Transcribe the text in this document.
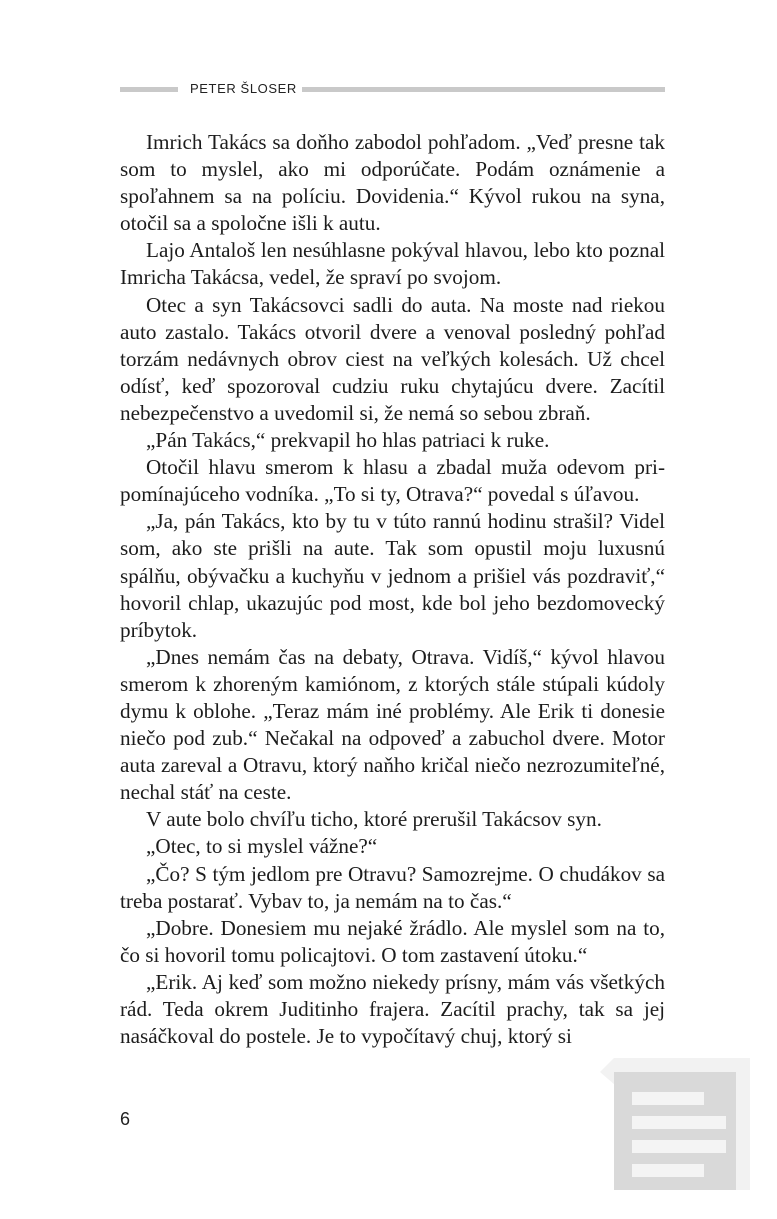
PETER ŠLOSER

Imrich Takács sa doňho zabodol pohľadom. „Veď presne tak som to myslel, ako mi odporúčate. Podám oznámenie a spoľahnem sa na políciu. Dovidenia.“ Kývol rukou na syna, otočil sa a spoločne išli k autu.

Lajo Antaloš len nesúhlasne pokýval hlavou, lebo kto poznal Imricha Takácsa, vedel, že spraví po svojom.

Otec a syn Takácsovci sadli do auta. Na moste nad riekou auto zastalo. Takács otvoril dvere a venoval posledný pohľad torzám nedávnych obrov ciest na veľkých kolesách. Už chcel odísť, keď spozoroval cudziu ruku chytajúcu dvere. Zacítil nebezpečenstvo a uvedomil si, že nemá so sebou zbraň.

„Pán Takács,“ prekvapil ho hlas patriaci k ruke.

Otočil hlavu smerom k hlasu a zbadal muža odevom pripomínajúceho vodníka. „To si ty, Otrava?“ povedal s úľavou.

„Ja, pán Takács, kto by tu v túto rannú hodinu strašil? Videl som, ako ste prišli na aute. Tak som opustil moju luxusnú spálňu, obývačku a kuchyňu v jednom a prišiel vás pozdraviť,“ hovoril chlap, ukazujúc pod most, kde bol jeho bezdomovecký príbytok.

„Dnes nemám čas na debaty, Otrava. Vidíš,“ kývol hlavou smerom k zhoreným kamiónom, z ktorých stále stúpali kúdoly dymu k oblohe. „Teraz mám iné problémy. Ale Erik ti donesie niečo pod zub.“ Nečakal na odpoveď a zabuchol dvere. Motor auta zareval a Otravu, ktorý naňho kričal niečo nezrozumiteľné, nechal stáť na ceste.

V aute bolo chvíľu ticho, ktoré prerušil Takácsov syn.

„Otec, to si myslel vážne?“

„Čo? S tým jedlom pre Otravu? Samozrejme. O chudákov sa treba postarať. Vybav to, ja nemám na to čas.“

„Dobre. Donesiem mu nejaké žrádlo. Ale myslel som na to, čo si hovoril tomu policajtovi. O tom zastavení útoku.“

„Erik. Aj keď som možno niekedy prísny, mám vás všetkých rád. Teda okrem Juditinho frajera. Zacítil prachy, tak sa jej nasáčkoval do postele. Je to vypočítavý chuj, ktorý si

6
